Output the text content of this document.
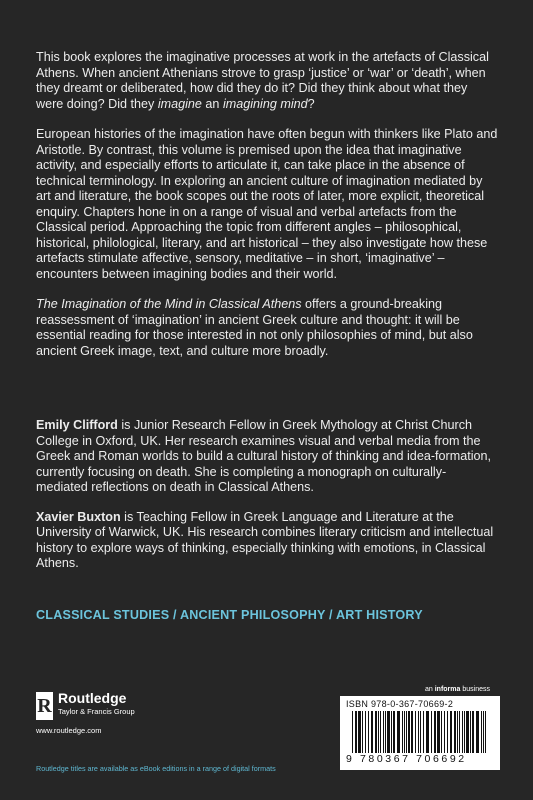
This book explores the imaginative processes at work in the artefacts of Classical Athens. When ancient Athenians strove to grasp ‘justice’ or ‘war’ or ‘death’, when they dreamt or deliberated, how did they do it? Did they think about what they were doing? Did they imagine an imagining mind?

European histories of the imagination have often begun with thinkers like Plato and Aristotle. By contrast, this volume is premised upon the idea that imaginative activity, and especially efforts to articulate it, can take place in the absence of technical terminology. In exploring an ancient culture of imagination mediated by art and literature, the book scopes out the roots of later, more explicit, theoretical enquiry. Chapters hone in on a range of visual and verbal artefacts from the Classical period. Approaching the topic from different angles – philosophical, historical, philological, literary, and art historical – they also investigate how these artefacts stimulate affective, sensory, meditative – in short, ‘imaginative’ – encounters between imagining bodies and their world.

The Imagination of the Mind in Classical Athens offers a ground-breaking reassessment of ‘imagination’ in ancient Greek culture and thought: it will be essential reading for those interested in not only philosophies of mind, but also ancient Greek image, text, and culture more broadly.

Emily Clifford is Junior Research Fellow in Greek Mythology at Christ Church College in Oxford, UK. Her research examines visual and verbal media from the Greek and Roman worlds to build a cultural history of thinking and idea-formation, currently focusing on death. She is completing a monograph on culturally-mediated reflections on death in Classical Athens.

Xavier Buxton is Teaching Fellow in Greek Language and Literature at the University of Warwick, UK. His research combines literary criticism and intellectual history to explore ways of thinking, especially thinking with emotions, in Classical Athens.

CLASSICAL STUDIES / ANCIENT PHILOSOPHY / ART HISTORY
R Routledge
Taylor & Francis Group
www.routledge.com
Routledge titles are available as eBook editions in a range of digital formats
an informa business
ISBN 978-0-367-70669-2
9 780367 706692
